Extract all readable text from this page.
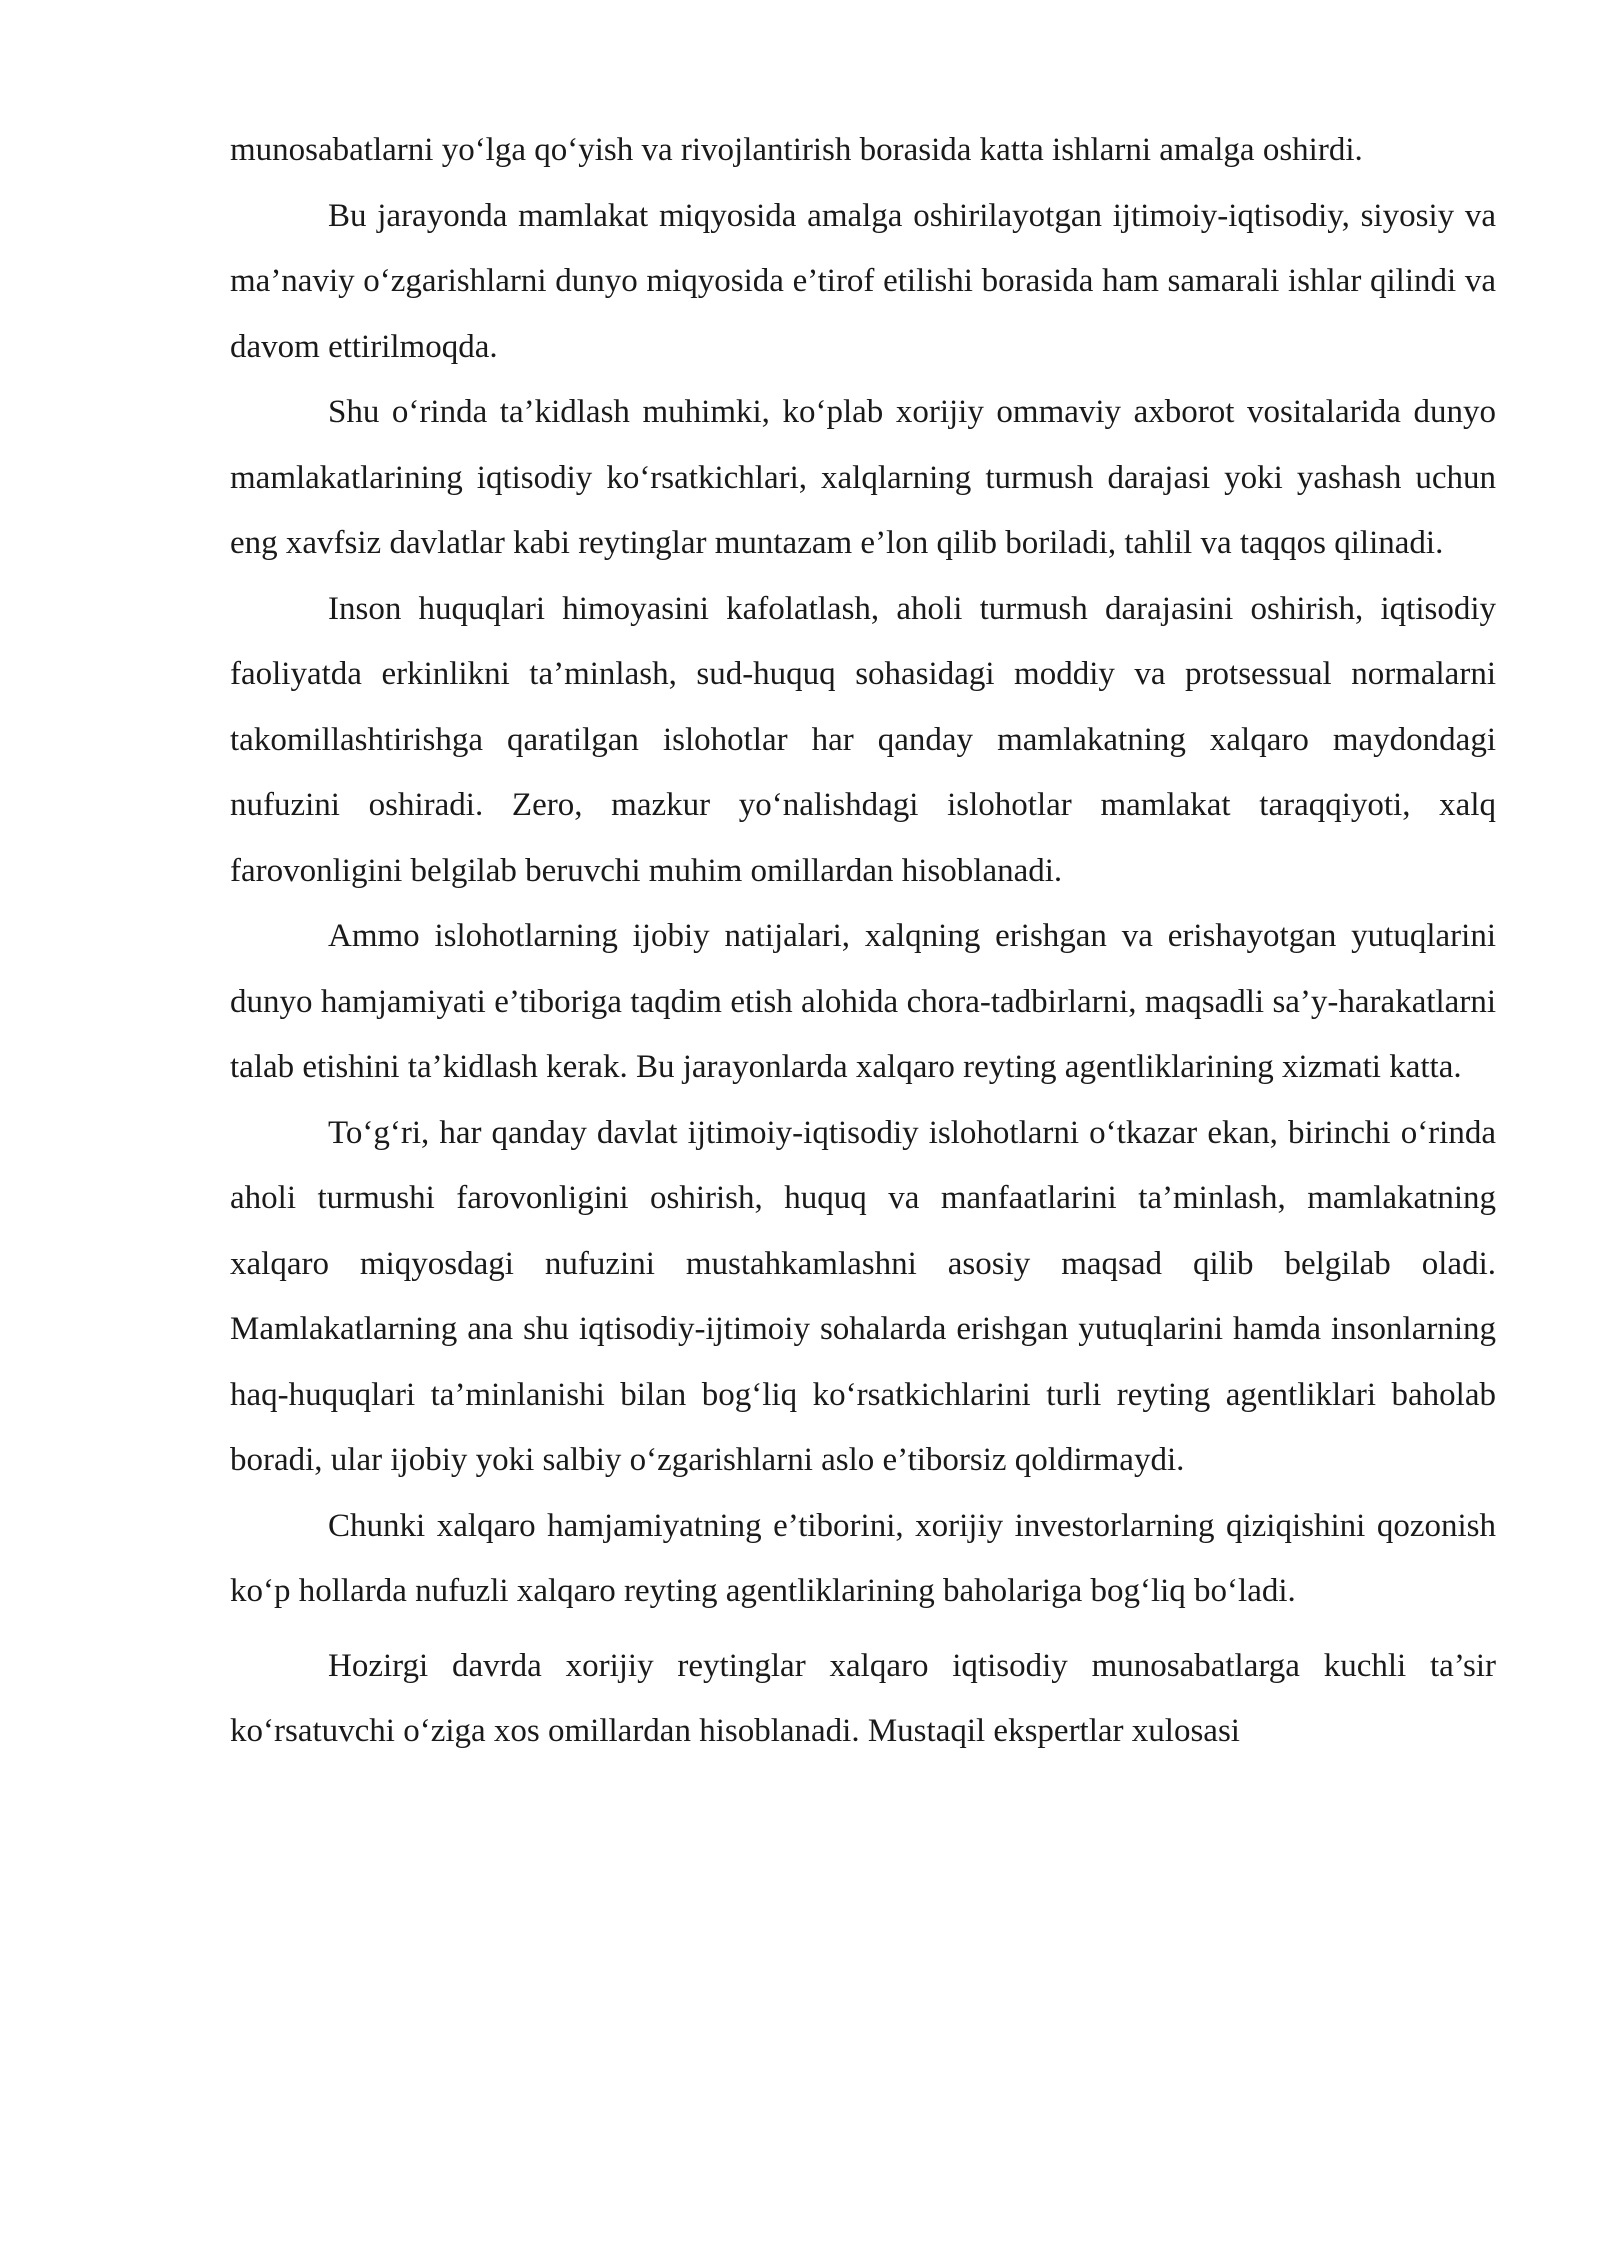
munosabatlarni yo‘lga qo‘yish va rivojlantirish borasida katta ishlarni amalga oshirdi.

Bu jarayonda mamlakat miqyosida amalga oshirilayotgan ijtimoiy-iqtisodiy, siyosiy va ma’naviy o‘zgarishlarni dunyo miqyosida e’tirof etilishi borasida ham samarali ishlar qilindi va davom ettirilmoqda.

Shu o‘rinda ta’kidlash muhimki, ko‘plab xorijiy ommaviy axborot vositalarida dunyo mamlakatlarining iqtisodiy ko‘rsatkichlari, xalqlarning turmush darajasi yoki yashash uchun eng xavfsiz davlatlar kabi reytinglar muntazam e’lon qilib boriladi, tahlil va taqqos qilinadi.

Inson huquqlari himoyasini kafolatlash, aholi turmush darajasini oshirish, iqtisodiy faoliyatda erkinlikni ta’minlash, sud-huquq sohasidagi moddiy va protsessual normalarni takomillashtirishga qaratilgan islohotlar har qanday mamlakatning xalqaro maydondagi nufuzini oshiradi. Zero, mazkur yo‘nalishdagi islohotlar mamlakat taraqqiyoti, xalq farovonligini belgilab beruvchi muhim omillardan hisoblanadi.

Ammo islohotlarning ijobiy natijalari, xalqning erishgan va erishayotgan yutuqlarini dunyo hamjamiyati e’tiboriga taqdim etish alohida chora-tadbirlarni, maqsadli sa’y-harakatlarni talab etishini ta’kidlash kerak. Bu jarayonlarda xalqaro reyting agentliklarining xizmati katta.

To‘g‘ri, har qanday davlat ijtimoiy-iqtisodiy islohotlarni o‘tkazar ekan, birinchi o‘rinda aholi turmushi farovonligini oshirish, huquq va manfaatlarini ta’minlash, mamlakatning xalqaro miqyosdagi nufuzini mustahkamlashni asosiy maqsad qilib belgilab oladi. Mamlakatlarning ana shu iqtisodiy-ijtimoiy sohalarda erishgan yutuqlarini hamda insonlarning haq-huquqlari ta’minlanishi bilan bog‘liq ko‘rsatkichlarini turli reyting agentliklari baholab boradi, ular ijobiy yoki salbiy o‘zgarishlarni aslo e’tiborsiz qoldirmaydi.

Chunki xalqaro hamjamiyatning e’tiborini, xorijiy investorlarning qiziqishini qozonish ko‘p hollarda nufuzli xalqaro reyting agentliklarining baholariga bog‘liq bo‘ladi.

Hozirgi davrda xorijiy reytinglar xalqaro iqtisodiy munosabatlarga kuchli ta’sir ko‘rsatuvchi o‘ziga xos omillardan hisoblanadi. Mustaqil ekspertlar xulosasi
